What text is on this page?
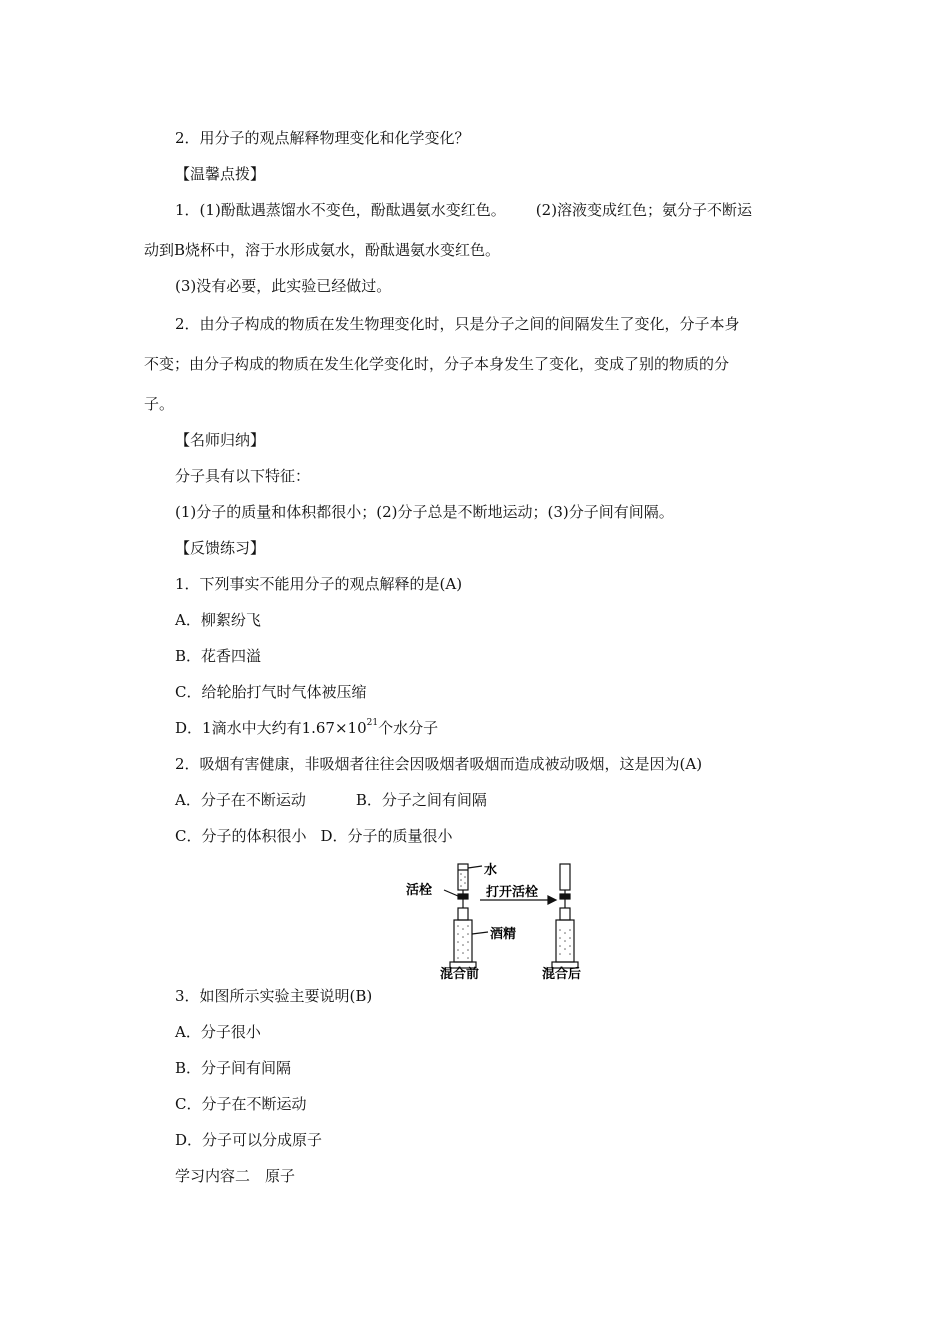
2．用分子的观点解释物理变化和化学变化？
【温馨点拨】
1．(1)酚酞遇蒸馏水不变色，酚酞遇氨水变红色。 (2)溶液变成红色；氨分子不断运
动到B烧杯中，溶于水形成氨水，酚酞遇氨水变红色。
(3)没有必要，此实验已经做过。
2．由分子构成的物质在发生物理变化时，只是分子之间的间隔发生了变化，分子本身
不变；由分子构成的物质在发生化学变化时，分子本身发生了变化，变成了别的物质的分
子。
【名师归纳】
分子具有以下特征：
(1)分子的质量和体积都很小；(2)分子总是不断地运动；(3)分子间有间隔。
【反馈练习】
1．下列事实不能用分子的观点解释的是(A)
A．柳絮纷飞
B．花香四溢
C．给轮胎打气时气体被压缩
D．1滴水中大约有$1.67\times 10^{21}$个水分子
2．吸烟有害健康，非吸烟者往往会因吸烟者吸烟而造成被动吸烟，这是因为(A)
A．分子在不断运动	B．分子之间有间隔
C．分子的体积很小 D．分子的质量很小
水
活栓	打开活栓
酒精
混合前	混合后
3．如图所示实验主要说明(B)
A．分子很小
B．分子间有间隔
C．分子在不断运动
D．分子可以分成原子
学习内容二　原子
